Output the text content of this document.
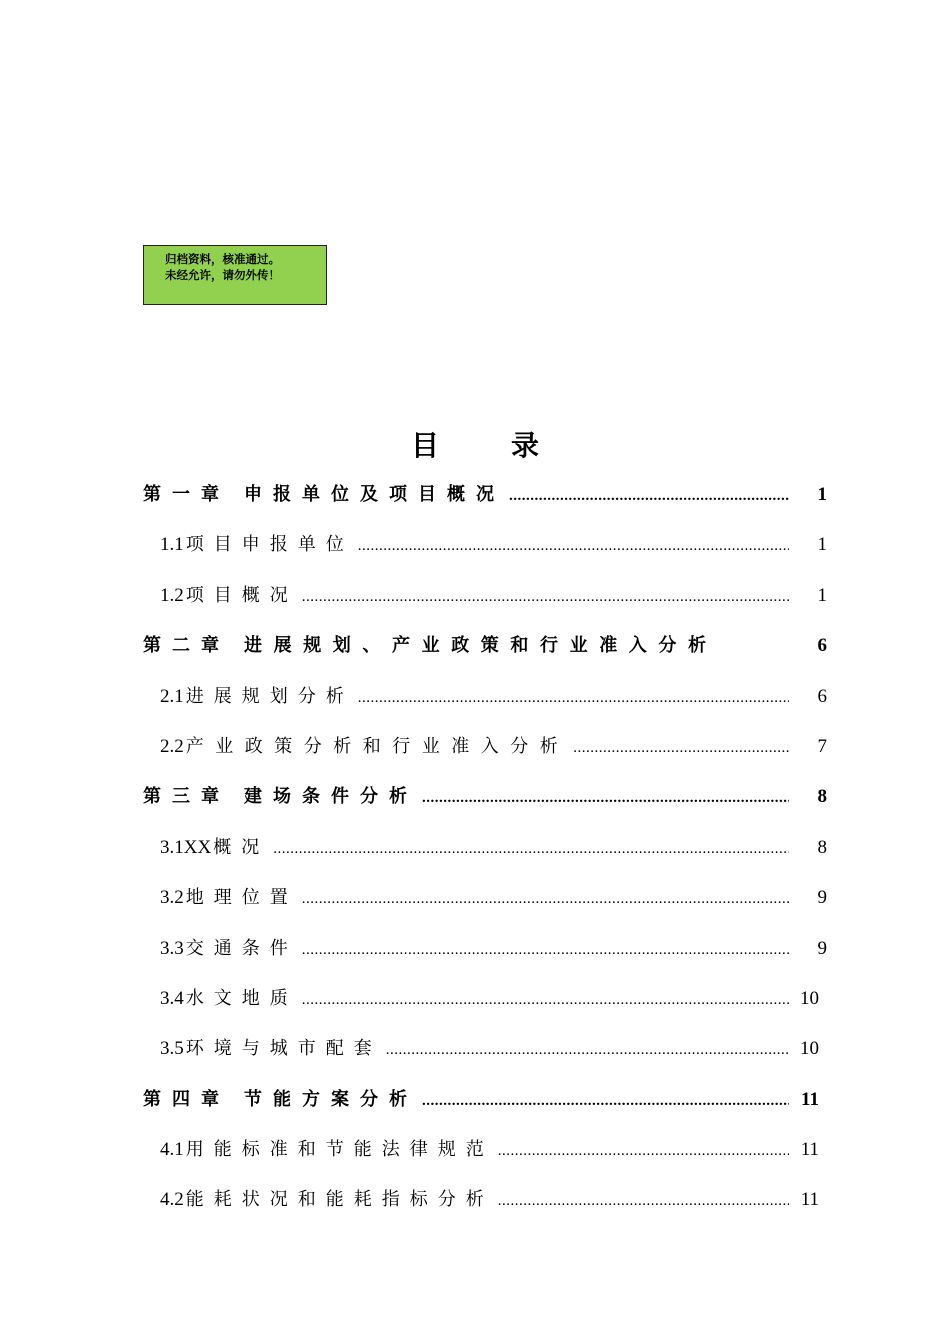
归档资料，核准通过。
未经允许，请勿外传！
目	录
第一章 申报单位及项目概况 .....	1
1.1 项目申报单位 .....	1
1.2 项目概况 .....	1
第二章 进展规划、产业政策和行业准入分析	6
2.1 进展规划分析 .....	6
2.2 产业政策分析和行业准入分析 .....	7
第三章 建场条件分析 .....	8
3.1XX 概况 .....	8
3.2 地理位置 .....	9
3.3 交通条件 .....	9
3.4 水文地质 .....	10
3.5 环境与城市配套 .....	10
第四章 节能方案分析 .....	11
4.1 用能标准和节能法律规范 .....	11
4.2 能耗状况和能耗指标分析 .....	11
